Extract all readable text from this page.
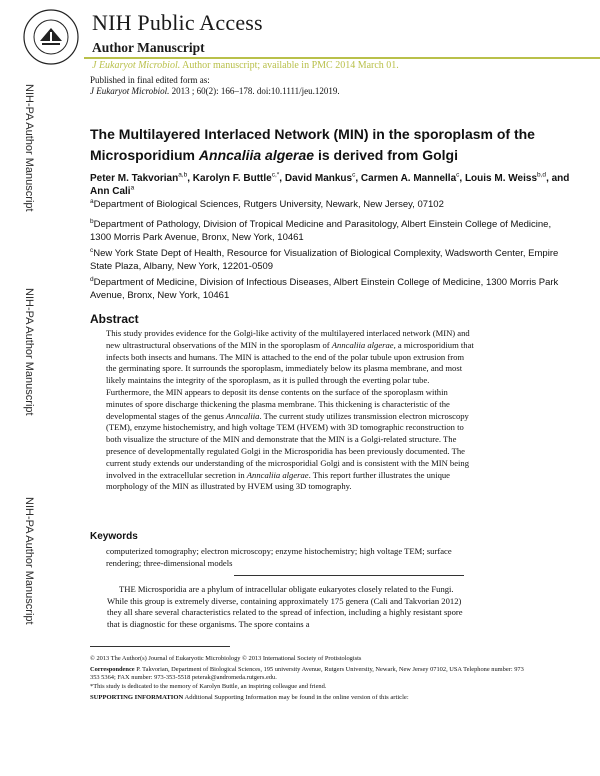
NIH Public Access
Author Manuscript
J Eukaryot Microbiol. Author manuscript; available in PMC 2014 March 01.
NIH-PA Author Manuscript
NIH-PA Author Manuscript
NIH-PA Author Manuscript
Published in final edited form as:
J Eukaryot Microbiol. 2013 ; 60(2): 166–178. doi:10.1111/jeu.12019.
The Multilayered Interlaced Network (MIN) in the sporoplasm of the Microsporidium Anncaliia algerae is derived from Golgi
Peter M. Takvorian$^{a,b}$, Karolyn F. Buttle$^{c,*}$, David Mankus$^c$, Carmen A. Mannella$^c$, Louis M. Weiss$^{b,d}$, and Ann Cali$^a$
$^a$Department of Biological Sciences, Rutgers University, Newark, New Jersey, 07102
$^b$Department of Pathology, Division of Tropical Medicine and Parasitology, Albert Einstein College of Medicine, 1300 Morris Park Avenue, Bronx, New York, 10461
$^c$New York State Dept of Health, Resource for Visualization of Biological Complexity, Wadsworth Center, Empire State Plaza, Albany, New York, 12201-0509
$^d$Department of Medicine, Division of Infectious Diseases, Albert Einstein College of Medicine, 1300 Morris Park Avenue, Bronx, New York, 10461
Abstract
This study provides evidence for the Golgi-like activity of the multilayered interlaced network (MIN) and new ultrastructural observations of the MIN in the sporoplasm of Anncaliia algerae, a microsporidium that infects both insects and humans. The MIN is attached to the end of the polar tubule upon extrusion from the germinating spore. It surrounds the sporoplasm, immediately below its plasma membrane, and most likely maintains the integrity of the sporoplasm, as it is pulled through the everting polar tube. Furthermore, the MIN appears to deposit its dense contents on the surface of the sporoplasm within minutes of spore discharge thickening the plasma membrane. This thickening is characteristic of the developmental stages of the genus Anncaliia. The current study utilizes transmission electron microscopy (TEM), enzyme histochemistry, and high voltage TEM (HVEM) with 3D tomographic reconstruction to both visualize the structure of the MIN and demonstrate that the MIN is a Golgi-related structure. The presence of developmentally regulated Golgi in the Microsporidia has been previously documented. The current study extends our understanding of the microsporidial Golgi and is consistent with the MIN being involved in the extracellular secretion in Anncaliia algerae. This report further illustrates the unique morphology of the MIN as illustrated by HVEM using 3D tomography.
Keywords
computerized tomography; electron microscopy; enzyme histochemistry; high voltage TEM; surface rendering; three-dimensional models
THE Microsporidia are a phylum of intracellular obligate eukaryotes closely related to the Fungi. While this group is extremely diverse, containing approximately 175 genera (Cali and Takvorian 2012) they all share several characteristics related to the spread of infection, including a highly resistant spore that is diagnostic for these organisms. The spore contains a
© 2013 The Author(s) Journal of Eukaryotic Microbiology © 2013 International Society of Protistologists
Correspondence P. Takvorian, Department of Biological Sciences, 195 university Avenue, Rutgers University, Newark, New Jersey 07102, USA Telephone number: 973 353 5364; FAX number: 973-353-5518 peterak@andromeda.rutgers.edu.
*This study is dedicated to the memory of Karolyn Buttle, an inspiring colleague and friend.
SUPPORTING INFORMATION Additional Supporting Information may be found in the online version of this article:
